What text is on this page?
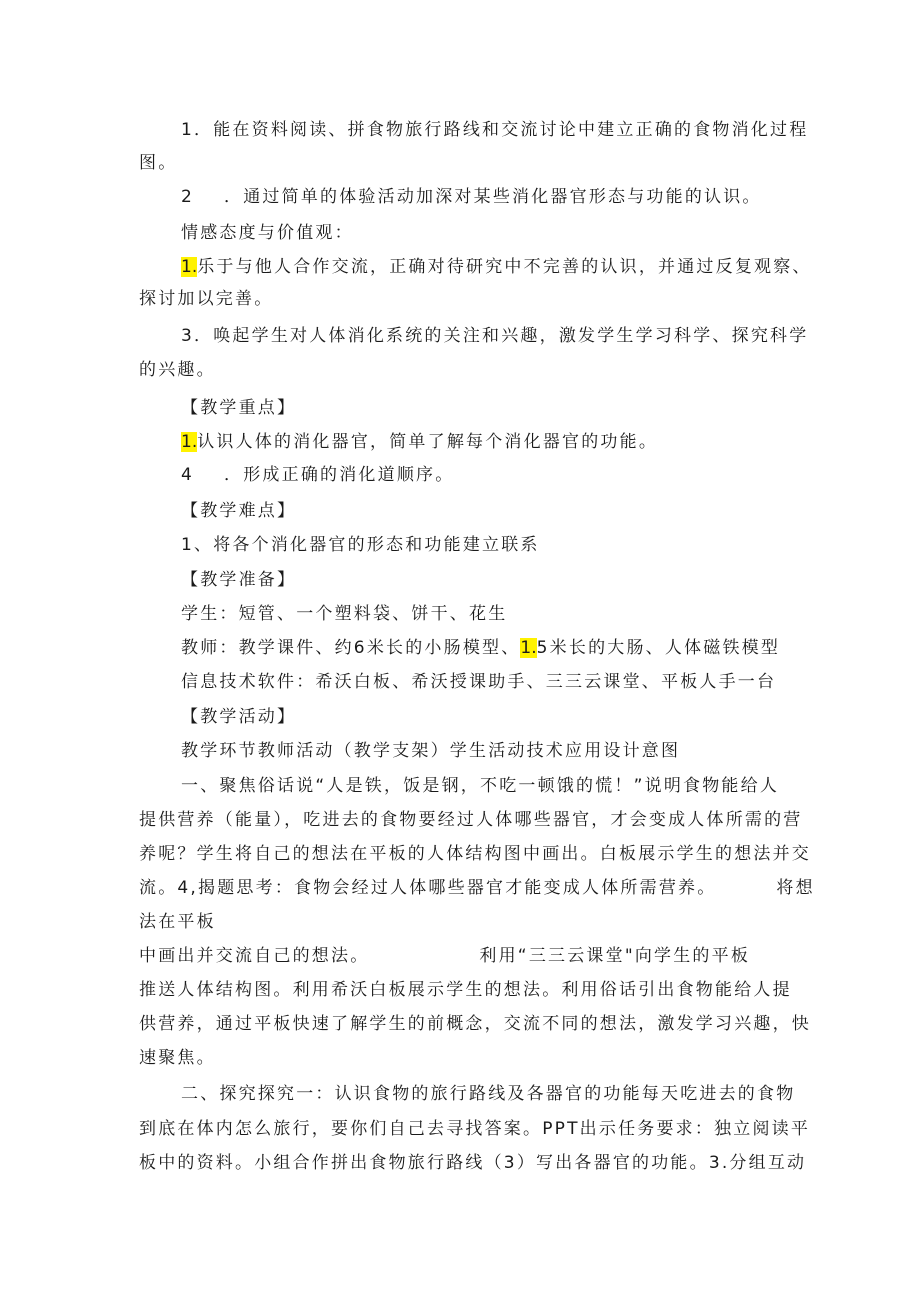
1．能在资料阅读、拼食物旅行路线和交流讨论中建立正确的食物消化过程
图。
2 ．通过简单的体验活动加深对某些消化器官形态与功能的认识。
情感态度与价值观：
1.乐于与他人合作交流，正确对待研究中不完善的认识，并通过反复观察、
探讨加以完善。
3．唤起学生对人体消化系统的关注和兴趣，激发学生学习科学、探究科学
的兴趣。
【教学重点】
1.认识人体的消化器官，简单了解每个消化器官的功能。
4 ．形成正确的消化道顺序。
【教学难点】
1、将各个消化器官的形态和功能建立联系
【教学准备】
学生：短管、一个塑料袋、饼干、花生
教师：教学课件、约6米长的小肠模型、1.5米长的大肠、人体磁铁模型
信息技术软件：希沃白板、希沃授课助手、三三云课堂、平板人手一台
【教学活动】
教学环节教师活动（教学支架）学生活动技术应用设计意图
一、聚焦俗话说“人是铁，饭是钢，不吃一顿饿的慌！”说明食物能给人
提供营养（能量），吃进去的食物要经过人体哪些器官，才会变成人体所需的营
养呢？学生将自己的想法在平板的人体结构图中画出。白板展示学生的想法并交
流。4,揭题思考：食物会经过人体哪些器官才能变成人体所需营养。	将想
法在平板
中画出并交流自己的想法。	利用“三三云课堂"向学生的平板
推送人体结构图。利用希沃白板展示学生的想法。利用俗话引出食物能给人提
供营养，通过平板快速了解学生的前概念，交流不同的想法，激发学习兴趣，快
速聚焦。
二、探究探究一：认识食物的旅行路线及各器官的功能每天吃进去的食物
到底在体内怎么旅行，要你们自己去寻找答案。PPT出示任务要求：独立阅读平
板中的资料。小组合作拼出食物旅行路线（3）写出各器官的功能。3.分组互动
